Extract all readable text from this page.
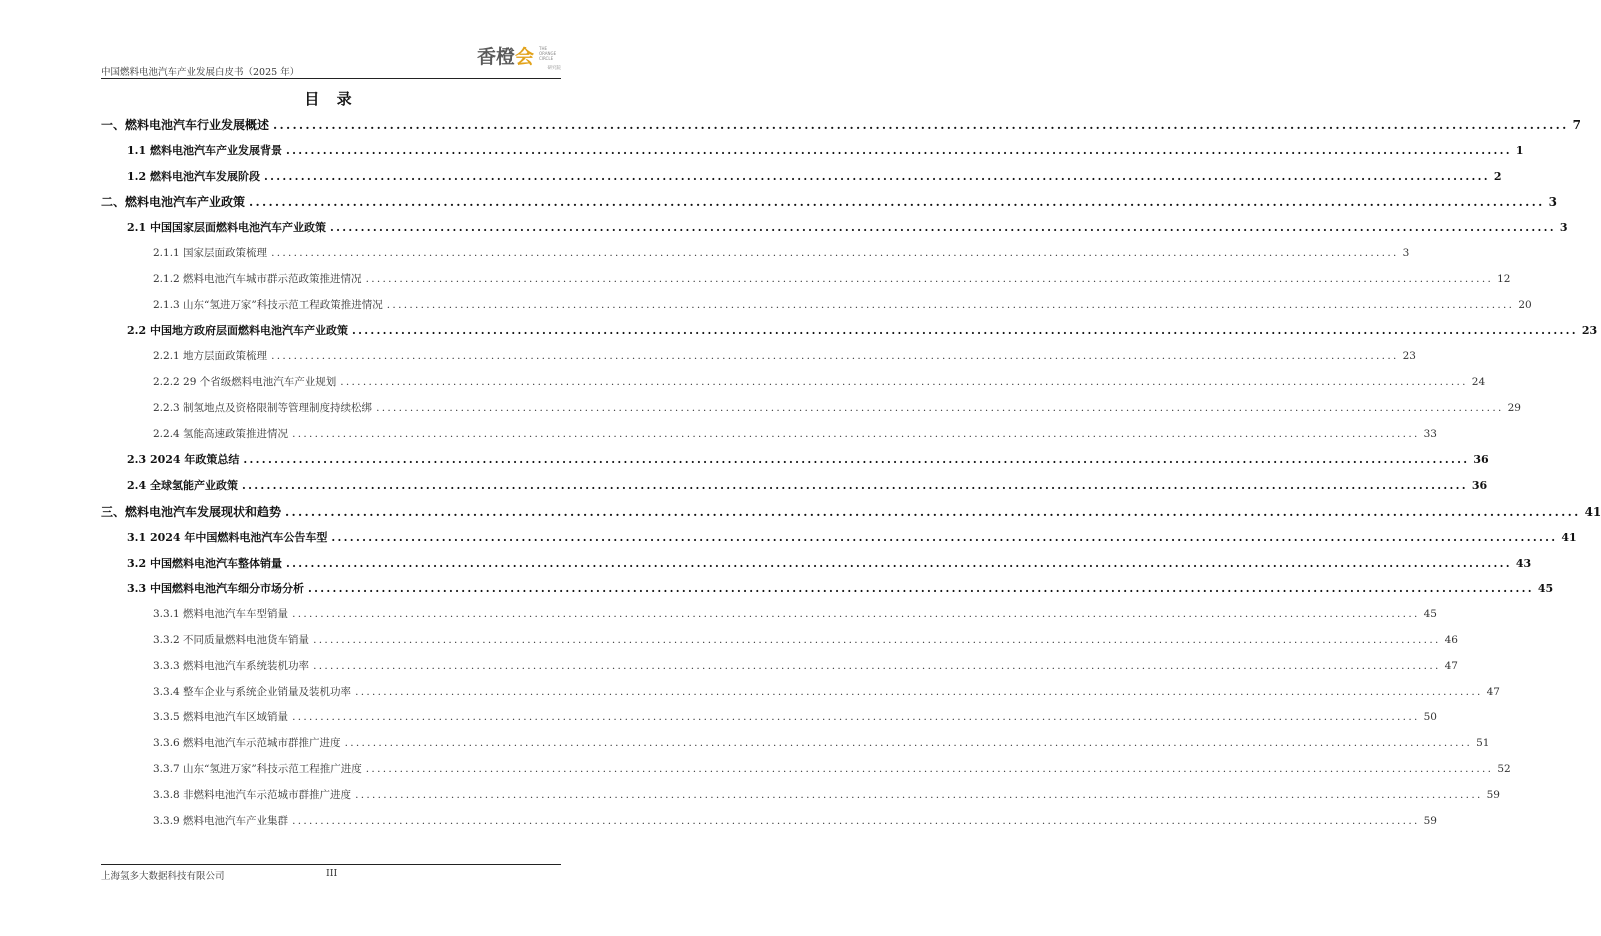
中国燃料电池汽车产业发展白皮书（2025 年）
香橙会 THE ORANGE CIRCLE
研究院
目 录
一、燃料电池汽车行业发展概述 ........................................................................................................................................................................................................ 7
1.1 燃料电池汽车产业发展背景 ........................................................................................................................................................................................................ 1
1.2 燃料电池汽车发展阶段 ........................................................................................................................................................................................................ 2
二、燃料电池汽车产业政策 ........................................................................................................................................................................................................ 3
2.1 中国国家层面燃料电池汽车产业政策 ........................................................................................................................................................................................................ 3
2.1.1 国家层面政策梳理 ........................................................................................................................................................................................................ 3
2.1.2 燃料电池汽车城市群示范政策推进情况 ........................................................................................................................................................................................................ 12
2.1.3 山东“氢进万家”科技示范工程政策推进情况 ........................................................................................................................................................................................................ 20
2.2 中国地方政府层面燃料电池汽车产业政策 ........................................................................................................................................................................................................ 23
2.2.1 地方层面政策梳理 ........................................................................................................................................................................................................ 23
2.2.2 29 个省级燃料电池汽车产业规划 ........................................................................................................................................................................................................ 24
2.2.3 制氢地点及资格限制等管理制度持续松绑 ........................................................................................................................................................................................................ 29
2.2.4 氢能高速政策推进情况 ........................................................................................................................................................................................................ 33
2.3 2024 年政策总结 ........................................................................................................................................................................................................ 36
2.4 全球氢能产业政策 ........................................................................................................................................................................................................ 36
三、燃料电池汽车发展现状和趋势 ........................................................................................................................................................................................................ 41
3.1 2024 年中国燃料电池汽车公告车型 ........................................................................................................................................................................................................ 41
3.2 中国燃料电池汽车整体销量 ........................................................................................................................................................................................................ 43
3.3 中国燃料电池汽车细分市场分析 ........................................................................................................................................................................................................ 45
3.3.1 燃料电池汽车车型销量 ........................................................................................................................................................................................................ 45
3.3.2 不同质量燃料电池货车销量 ........................................................................................................................................................................................................ 46
3.3.3 燃料电池汽车系统装机功率 ........................................................................................................................................................................................................ 47
3.3.4 整车企业与系统企业销量及装机功率 ........................................................................................................................................................................................................ 47
3.3.5 燃料电池汽车区域销量 ........................................................................................................................................................................................................ 50
3.3.6 燃料电池汽车示范城市群推广进度 ........................................................................................................................................................................................................ 51
3.3.7 山东“氢进万家”科技示范工程推广进度 ........................................................................................................................................................................................................ 52
3.3.8 非燃料电池汽车示范城市群推广进度 ........................................................................................................................................................................................................ 59
3.3.9 燃料电池汽车产业集群 ........................................................................................................................................................................................................ 59
上海氢多大数据科技有限公司	III
